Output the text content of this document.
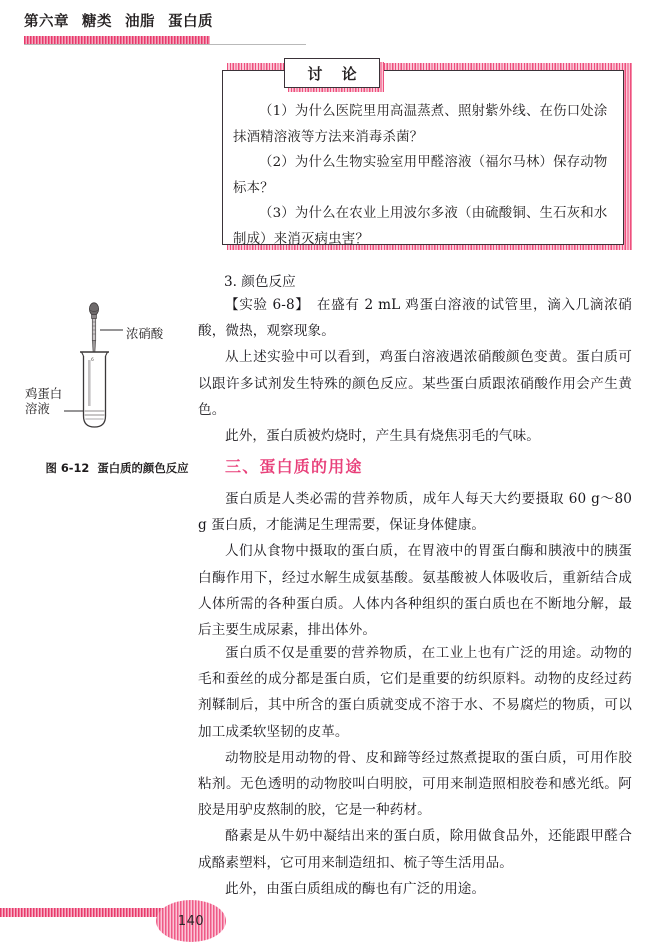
第六章 糖类 油脂 蛋白质

（1）为什么医院里用高温蒸煮、照射紫外线、在伤口处涂抹酒精溶液等方法来消毒杀菌？

（2）为什么生物实验室用甲醛溶液（福尔马林）保存动物标本？

（3）为什么在农业上用波尔多液（由硫酸铜、生石灰和水制成）来消灭病虫害？

讨 论
3. 颜色反应

【实验 6-8】　在盛有 2 mL 鸡蛋白溶液的试管里，滴入几滴浓硝酸，微热，观察现象。

从上述实验中可以看到，鸡蛋白溶液遇浓硝酸颜色变黄。蛋白质可以跟许多试剂发生特殊的颜色反应。某些蛋白质跟浓硝酸作用会产生黄色。

此外，蛋白质被灼烧时，产生具有烧焦羽毛的气味。

6
浓硝酸
鸡蛋白
溶液
图 6-12 蛋白质的颜色反应	三、蛋白质的用途

蛋白质是人类必需的营养物质，成年人每天大约要摄取 60 g～80 g 蛋白质，才能满足生理需要，保证身体健康。

人们从食物中摄取的蛋白质，在胃液中的胃蛋白酶和胰液中的胰蛋白酶作用下，经过水解生成氨基酸。氨基酸被人体吸收后，重新结合成人体所需的各种蛋白质。人体内各种组织的蛋白质也在不断地分解，最后主要生成尿素，排出体外。

蛋白质不仅是重要的营养物质，在工业上也有广泛的用途。动物的毛和蚕丝的成分都是蛋白质，它们是重要的纺织原料。动物的皮经过药剂鞣制后，其中所含的蛋白质就变成不溶于水、不易腐烂的物质，可以加工成柔软坚韧的皮革。

动物胶是用动物的骨、皮和蹄等经过熬煮提取的蛋白质，可用作胶粘剂。无色透明的动物胶叫白明胶，可用来制造照相胶卷和感光纸。阿胶是用驴皮熬制的胶，它是一种药材。

酪素是从牛奶中凝结出来的蛋白质，除用做食品外，还能跟甲醛合成酪素塑料，它可用来制造纽扣、梳子等生活用品。

此外，由蛋白质组成的酶也有广泛的用途。

140
